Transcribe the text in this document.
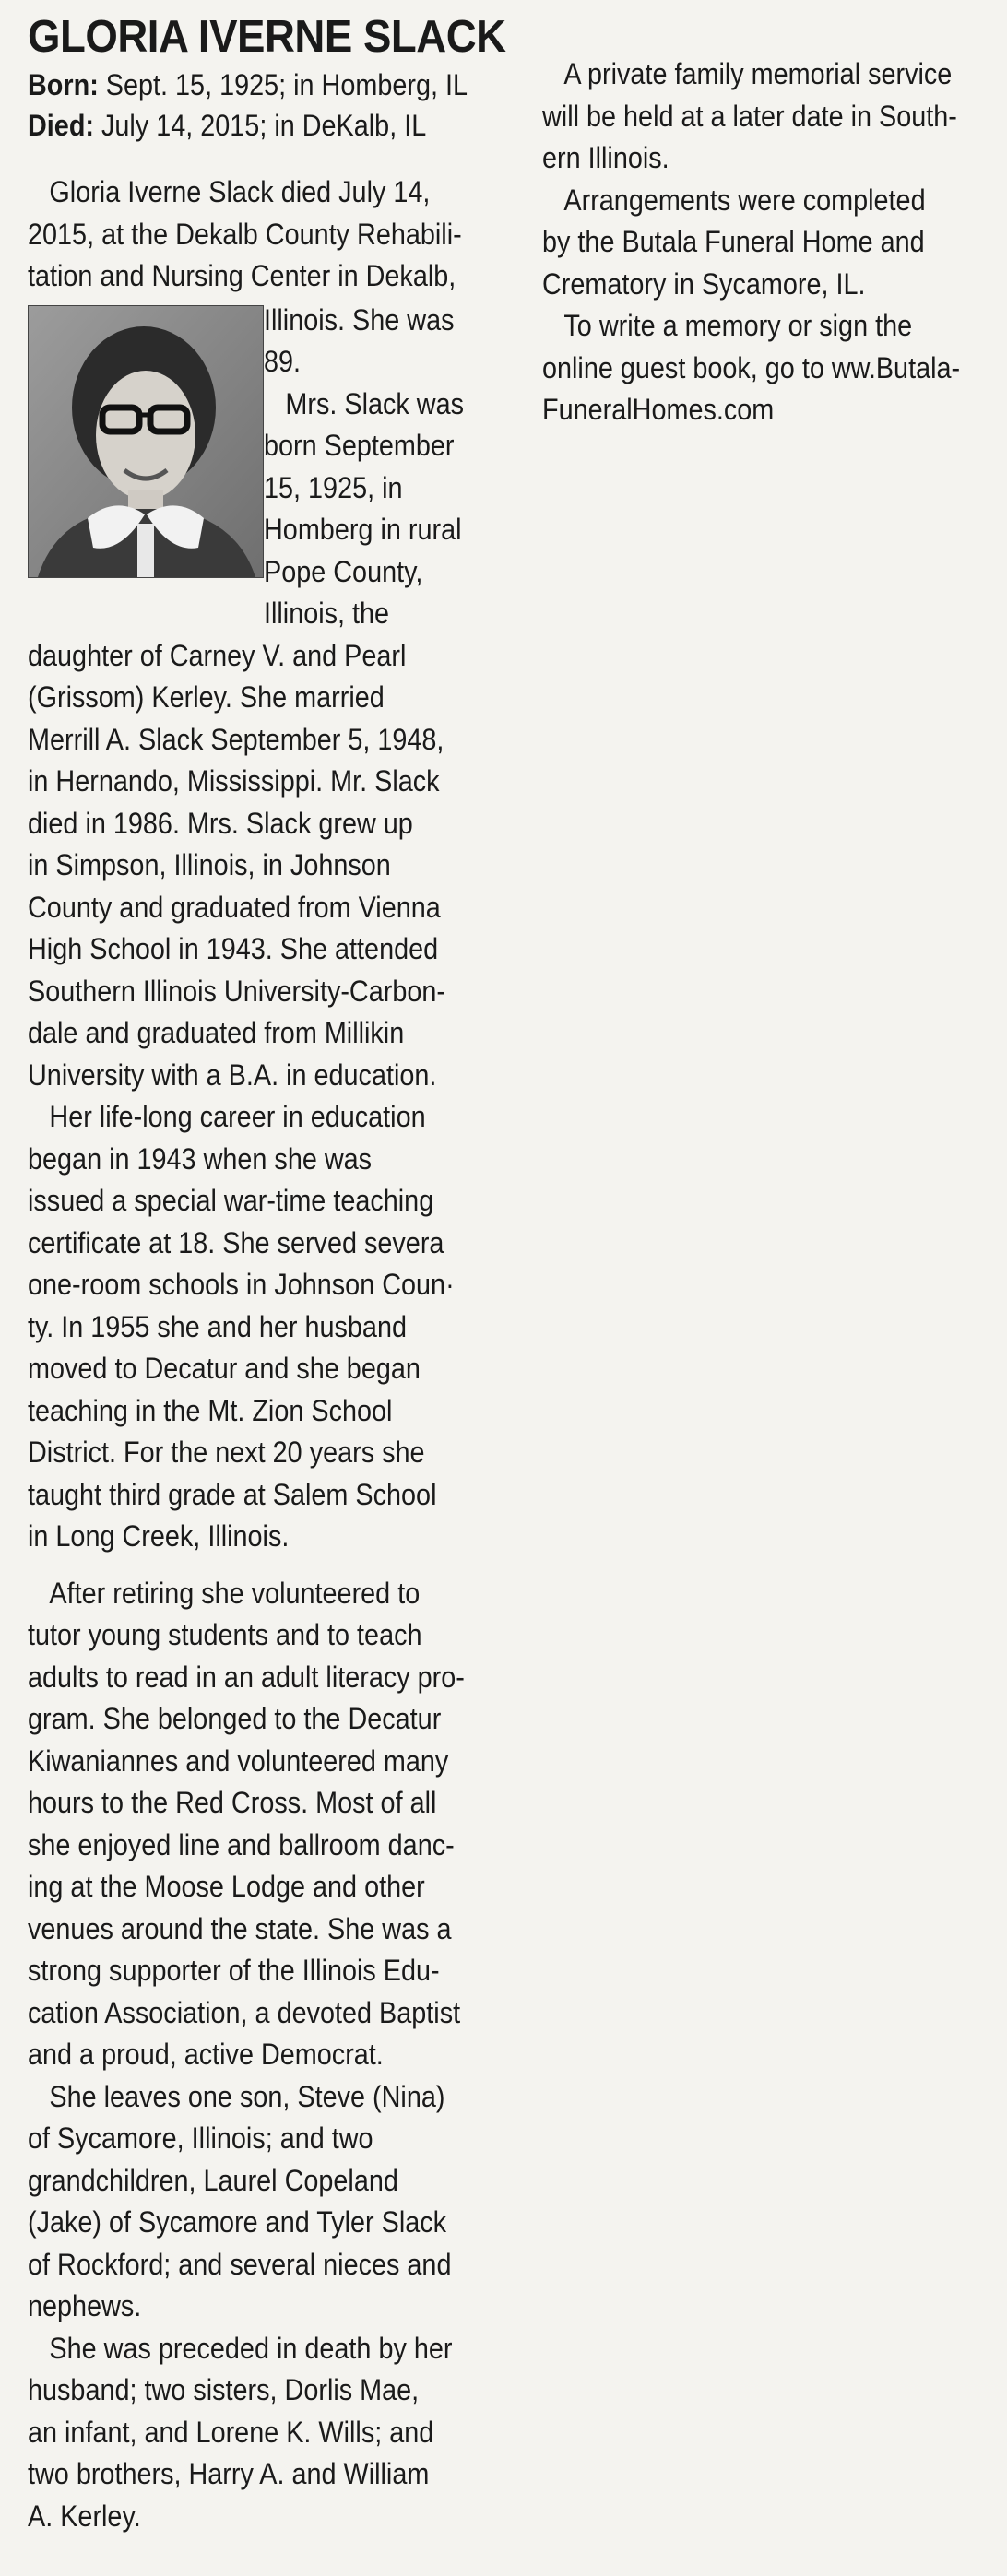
GLORIA IVERNE SLACK
Born: Sept. 15, 1925; in Homberg, IL
Died: July 14, 2015; in DeKalb, IL
Gloria Iverne Slack died July 14,
2015, at the Dekalb County Rehabili-
tation and Nursing Center in Dekalb,
Illinois. She was
89.
Mrs. Slack was
born September
15, 1925, in
Homberg in rural
Pope County,
Illinois, the
daughter of Carney V. and Pearl
(Grissom) Kerley. She married
Merrill A. Slack September 5, 1948,
in Hernando, Mississippi. Mr. Slack
died in 1986. Mrs. Slack grew up
in Simpson, Illinois, in Johnson
County and graduated from Vienna
High School in 1943. She attended
Southern Illinois University-Carbon-
dale and graduated from Millikin
University with a B.A. in education.
Her life-long career in education
began in 1943 when she was
issued a special war-time teaching
certificate at 18. She served severa
one-room schools in Johnson Coun·
ty. In 1955 she and her husband
moved to Decatur and she began
teaching in the Mt. Zion School
District. For the next 20 years she
taught third grade at Salem School
in Long Creek, Illinois.
After retiring she volunteered to
tutor young students and to teach
adults to read in an adult literacy pro-
gram. She belonged to the Decatur
Kiwaniannes and volunteered many
hours to the Red Cross. Most of all
she enjoyed line and ballroom danc-
ing at the Moose Lodge and other
venues around the state. She was a
strong supporter of the Illinois Edu-
cation Association, a devoted Baptist
and a proud, active Democrat.
She leaves one son, Steve (Nina)
of Sycamore, Illinois; and two
grandchildren, Laurel Copeland
(Jake) of Sycamore and Tyler Slack
of Rockford; and several nieces and
nephews.
She was preceded in death by her
husband; two sisters, Dorlis Mae,
an infant, and Lorene K. Wills; and
two brothers, Harry A. and William
A. Kerley.
A private family memorial service
will be held at a later date in South-
ern Illinois.
Arrangements were completed
by the Butala Funeral Home and
Crematory in Sycamore, IL.
To write a memory or sign the
online guest book, go to ww.Butala-
FuneralHomes.com
